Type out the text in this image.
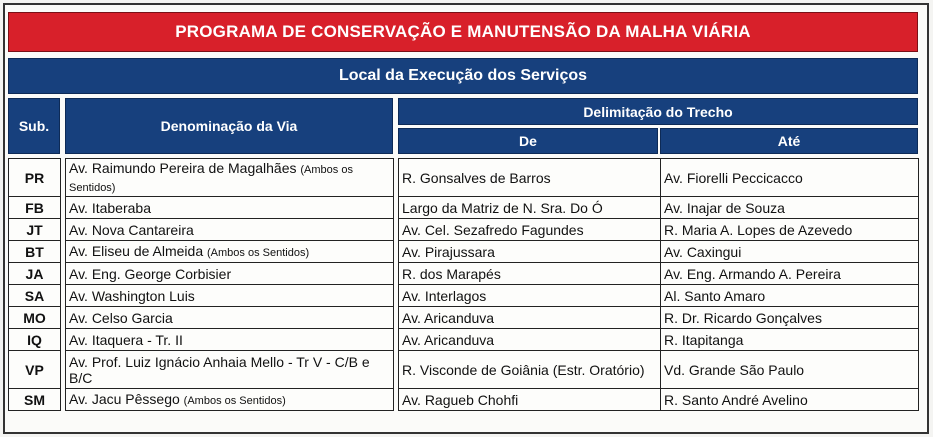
PROGRAMA DE CONSERVAÇÃO E MANUTENSÃO DA MALHA VIÁRIA
Local da Execução dos Serviços
Sub.	Denominação da Via
Delimitação do Trecho
De	Até
PR		Av. Raimundo Pereira de Magalhães (Ambos os Sentidos)		R. Gonsalves de Barros	Av. Fiorelli Peccicacco
FB		Av. Itaberaba		Largo da Matriz de N. Sra. Do Ó	Av. Inajar de Souza
JT		Av. Nova Cantareira		Av. Cel. Sezafredo Fagundes	R. Maria A. Lopes de Azevedo
BT		Av. Eliseu de Almeida (Ambos os Sentidos)		Av. Pirajussara	Av. Caxingui
JA		Av. Eng. George Corbisier		R. dos Marapés	Av. Eng. Armando A. Pereira
SA		Av. Washington Luis		Av. Interlagos	Al. Santo Amaro
MO		Av. Celso Garcia		Av. Aricanduva	R. Dr. Ricardo Gonçalves
IQ		Av. Itaquera - Tr. II		Av. Aricanduva	R. Itapitanga
VP		Av. Prof. Luiz Ignácio Anhaia Mello - Tr V - C/B e B/C		R. Visconde de Goiânia (Estr. Oratório)	Vd. Grande São Paulo
SM		Av. Jacu Pêssego (Ambos os Sentidos)		Av. Ragueb Chohfi	R. Santo André Avelino
